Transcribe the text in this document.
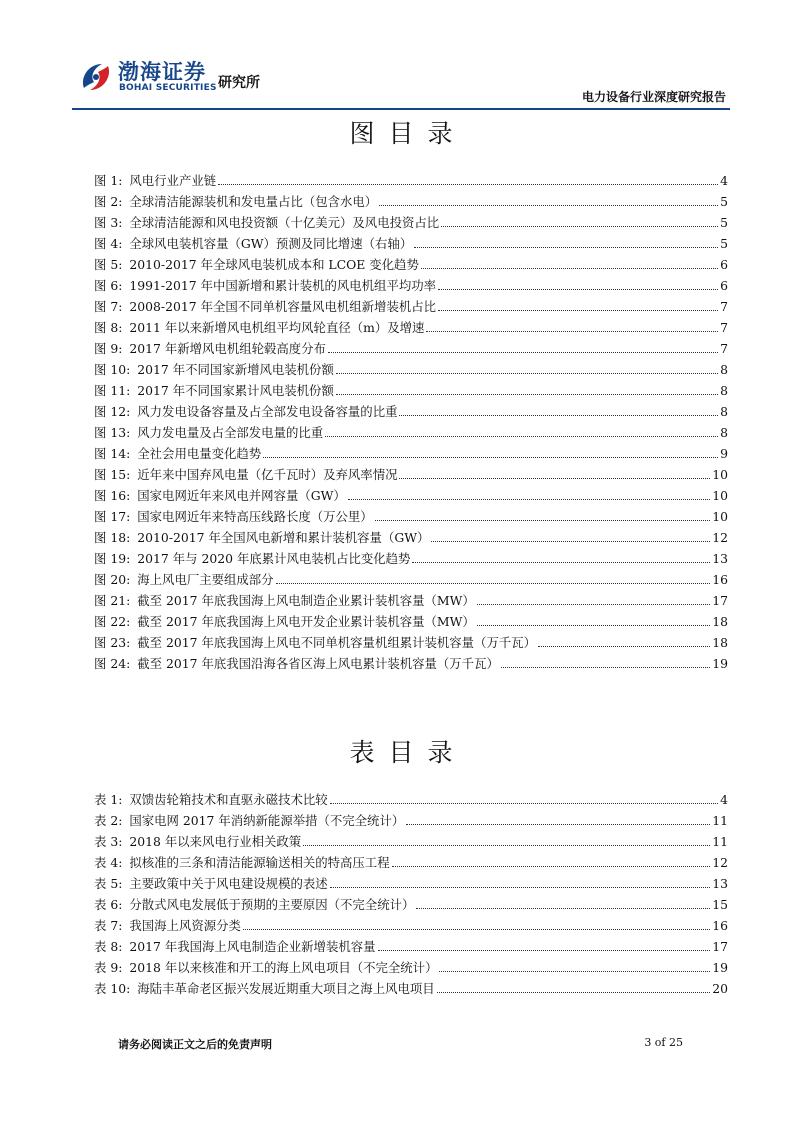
渤海证券
BOHAI SECURITIES 研究所
电力设备行业深度研究报告
图目录
图 1: 风电行业产业链	4
图 2: 全球清洁能源装机和发电量占比（包含水电）	5
图 3: 全球清洁能源和风电投资额（十亿美元）及风电投资占比	5
图 4: 全球风电装机容量（GW）预测及同比增速（右轴）	5
图 5: 2010-2017 年全球风电装机成本和 LCOE 变化趋势	6
图 6: 1991-2017 年中国新增和累计装机的风电机组平均功率	6
图 7: 2008-2017 年全国不同单机容量风电机组新增装机占比	7
图 8: 2011 年以来新增风电机组平均风轮直径（m）及增速	7
图 9: 2017 年新增风电机组轮毂高度分布	7
图 10: 2017 年不同国家新增风电装机份额	8
图 11: 2017 年不同国家累计风电装机份额	8
图 12: 风力发电设备容量及占全部发电设备容量的比重	8
图 13: 风力发电量及占全部发电量的比重	8
图 14: 全社会用电量变化趋势	9
图 15: 近年来中国弃风电量（亿千瓦时）及弃风率情况	10
图 16: 国家电网近年来风电并网容量（GW）	10
图 17: 国家电网近年来特高压线路长度（万公里）	10
图 18: 2010-2017 年全国风电新增和累计装机容量（GW）	12
图 19: 2017 年与 2020 年底累计风电装机占比变化趋势	13
图 20: 海上风电厂主要组成部分	16
图 21: 截至 2017 年底我国海上风电制造企业累计装机容量（MW）	17
图 22: 截至 2017 年底我国海上风电开发企业累计装机容量（MW）	18
图 23: 截至 2017 年底我国海上风电不同单机容量机组累计装机容量（万千瓦）	18
图 24: 截至 2017 年底我国沿海各省区海上风电累计装机容量（万千瓦）	19
表目录
表 1: 双馈齿轮箱技术和直驱永磁技术比较	4
表 2: 国家电网 2017 年消纳新能源举措（不完全统计）	11
表 3: 2018 年以来风电行业相关政策	11
表 4: 拟核准的三条和清洁能源输送相关的特高压工程	12
表 5: 主要政策中关于风电建设规模的表述	13
表 6: 分散式风电发展低于预期的主要原因（不完全统计）	15
表 7: 我国海上风资源分类	16
表 8: 2017 年我国海上风电制造企业新增装机容量	17
表 9: 2018 年以来核准和开工的海上风电项目（不完全统计）	19
表 10: 海陆丰革命老区振兴发展近期重大项目之海上风电项目	20
请务必阅读正文之后的免责声明	3 of 25
